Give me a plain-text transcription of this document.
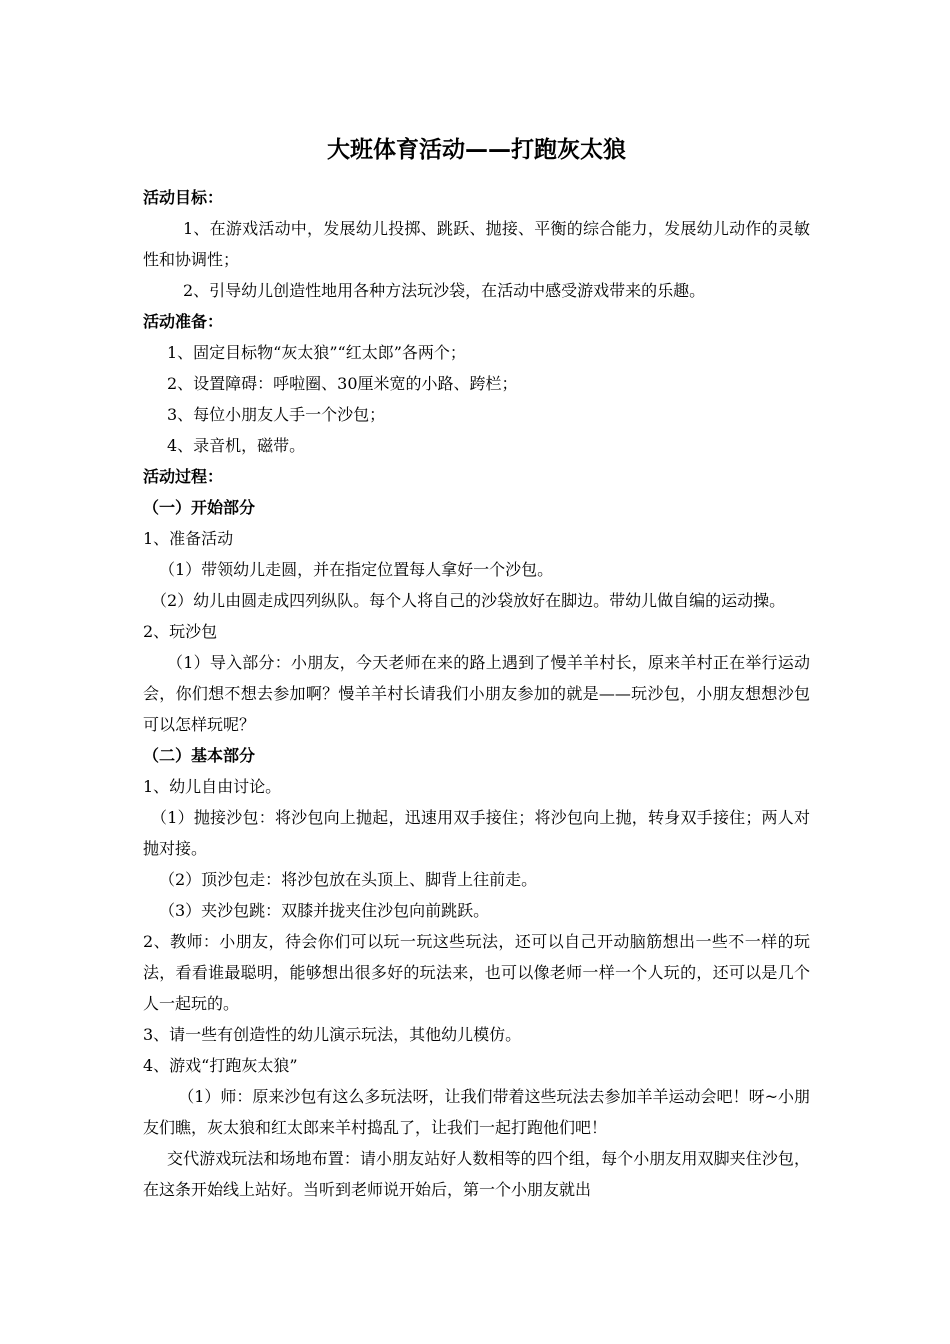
大班体育活动——打跑灰太狼

活动目标：

1、在游戏活动中，发展幼儿投掷、跳跃、抛接、平衡的综合能力，发展幼儿动作的灵敏性和协调性；

2、引导幼儿创造性地用各种方法玩沙袋，在活动中感受游戏带来的乐趣。

活动准备：

1、固定目标物“灰太狼”“红太郎”各两个；

2、设置障碍：呼啦圈、30厘米宽的小路、跨栏；

3、每位小朋友人手一个沙包；

4、录音机，磁带。

活动过程：

（一）开始部分

1、准备活动

（1）带领幼儿走圆，并在指定位置每人拿好一个沙包。

（2）幼儿由圆走成四列纵队。每个人将自己的沙袋放好在脚边。带幼儿做自编的运动操。

2、玩沙包

（1）导入部分：小朋友，今天老师在来的路上遇到了慢羊羊村长，原来羊村正在举行运动会，你们想不想去参加啊？慢羊羊村长请我们小朋友参加的就是——玩沙包，小朋友想想沙包可以怎样玩呢？

（二）基本部分

1、幼儿自由讨论。

（1）抛接沙包：将沙包向上抛起，迅速用双手接住；将沙包向上抛，转身双手接住；两人对抛对接。

（2）顶沙包走：将沙包放在头顶上、脚背上往前走。

（3）夹沙包跳：双膝并拢夹住沙包向前跳跃。

2、教师：小朋友，待会你们可以玩一玩这些玩法，还可以自己开动脑筋想出一些不一样的玩法，看看谁最聪明，能够想出很多好的玩法来，也可以像老师一样一个人玩的，还可以是几个人一起玩的。

3、请一些有创造性的幼儿演示玩法，其他幼儿模仿。

4、游戏“打跑灰太狼”

（1）师：原来沙包有这么多玩法呀，让我们带着这些玩法去参加羊羊运动会吧！呀~小朋友们瞧，灰太狼和红太郎来羊村捣乱了，让我们一起打跑他们吧！

交代游戏玩法和场地布置：请小朋友站好人数相等的四个组，每个小朋友用双脚夹住沙包，在这条开始线上站好。当听到老师说开始后，第一个小朋友就出
